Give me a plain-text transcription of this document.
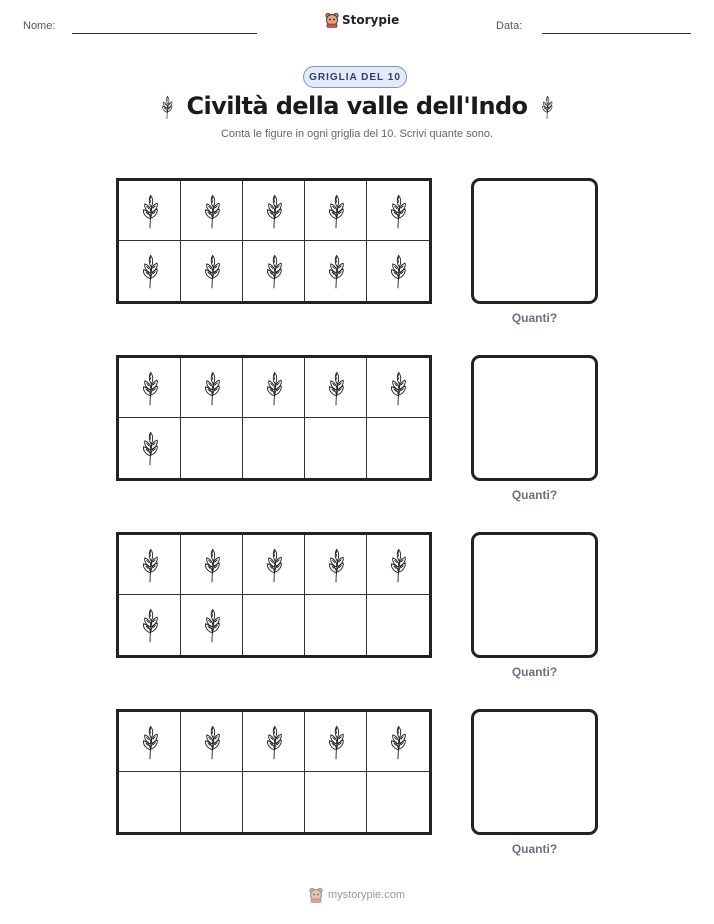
Nome:	Storypie	Data:
GRIGLIA DEL 10
Civiltà della valle dell'Indo
Conta le figure in ogni griglia del 10. Scrivi quante sono.
Quanti?
Quanti?
Quanti?
Quanti?
mystorypie.com
